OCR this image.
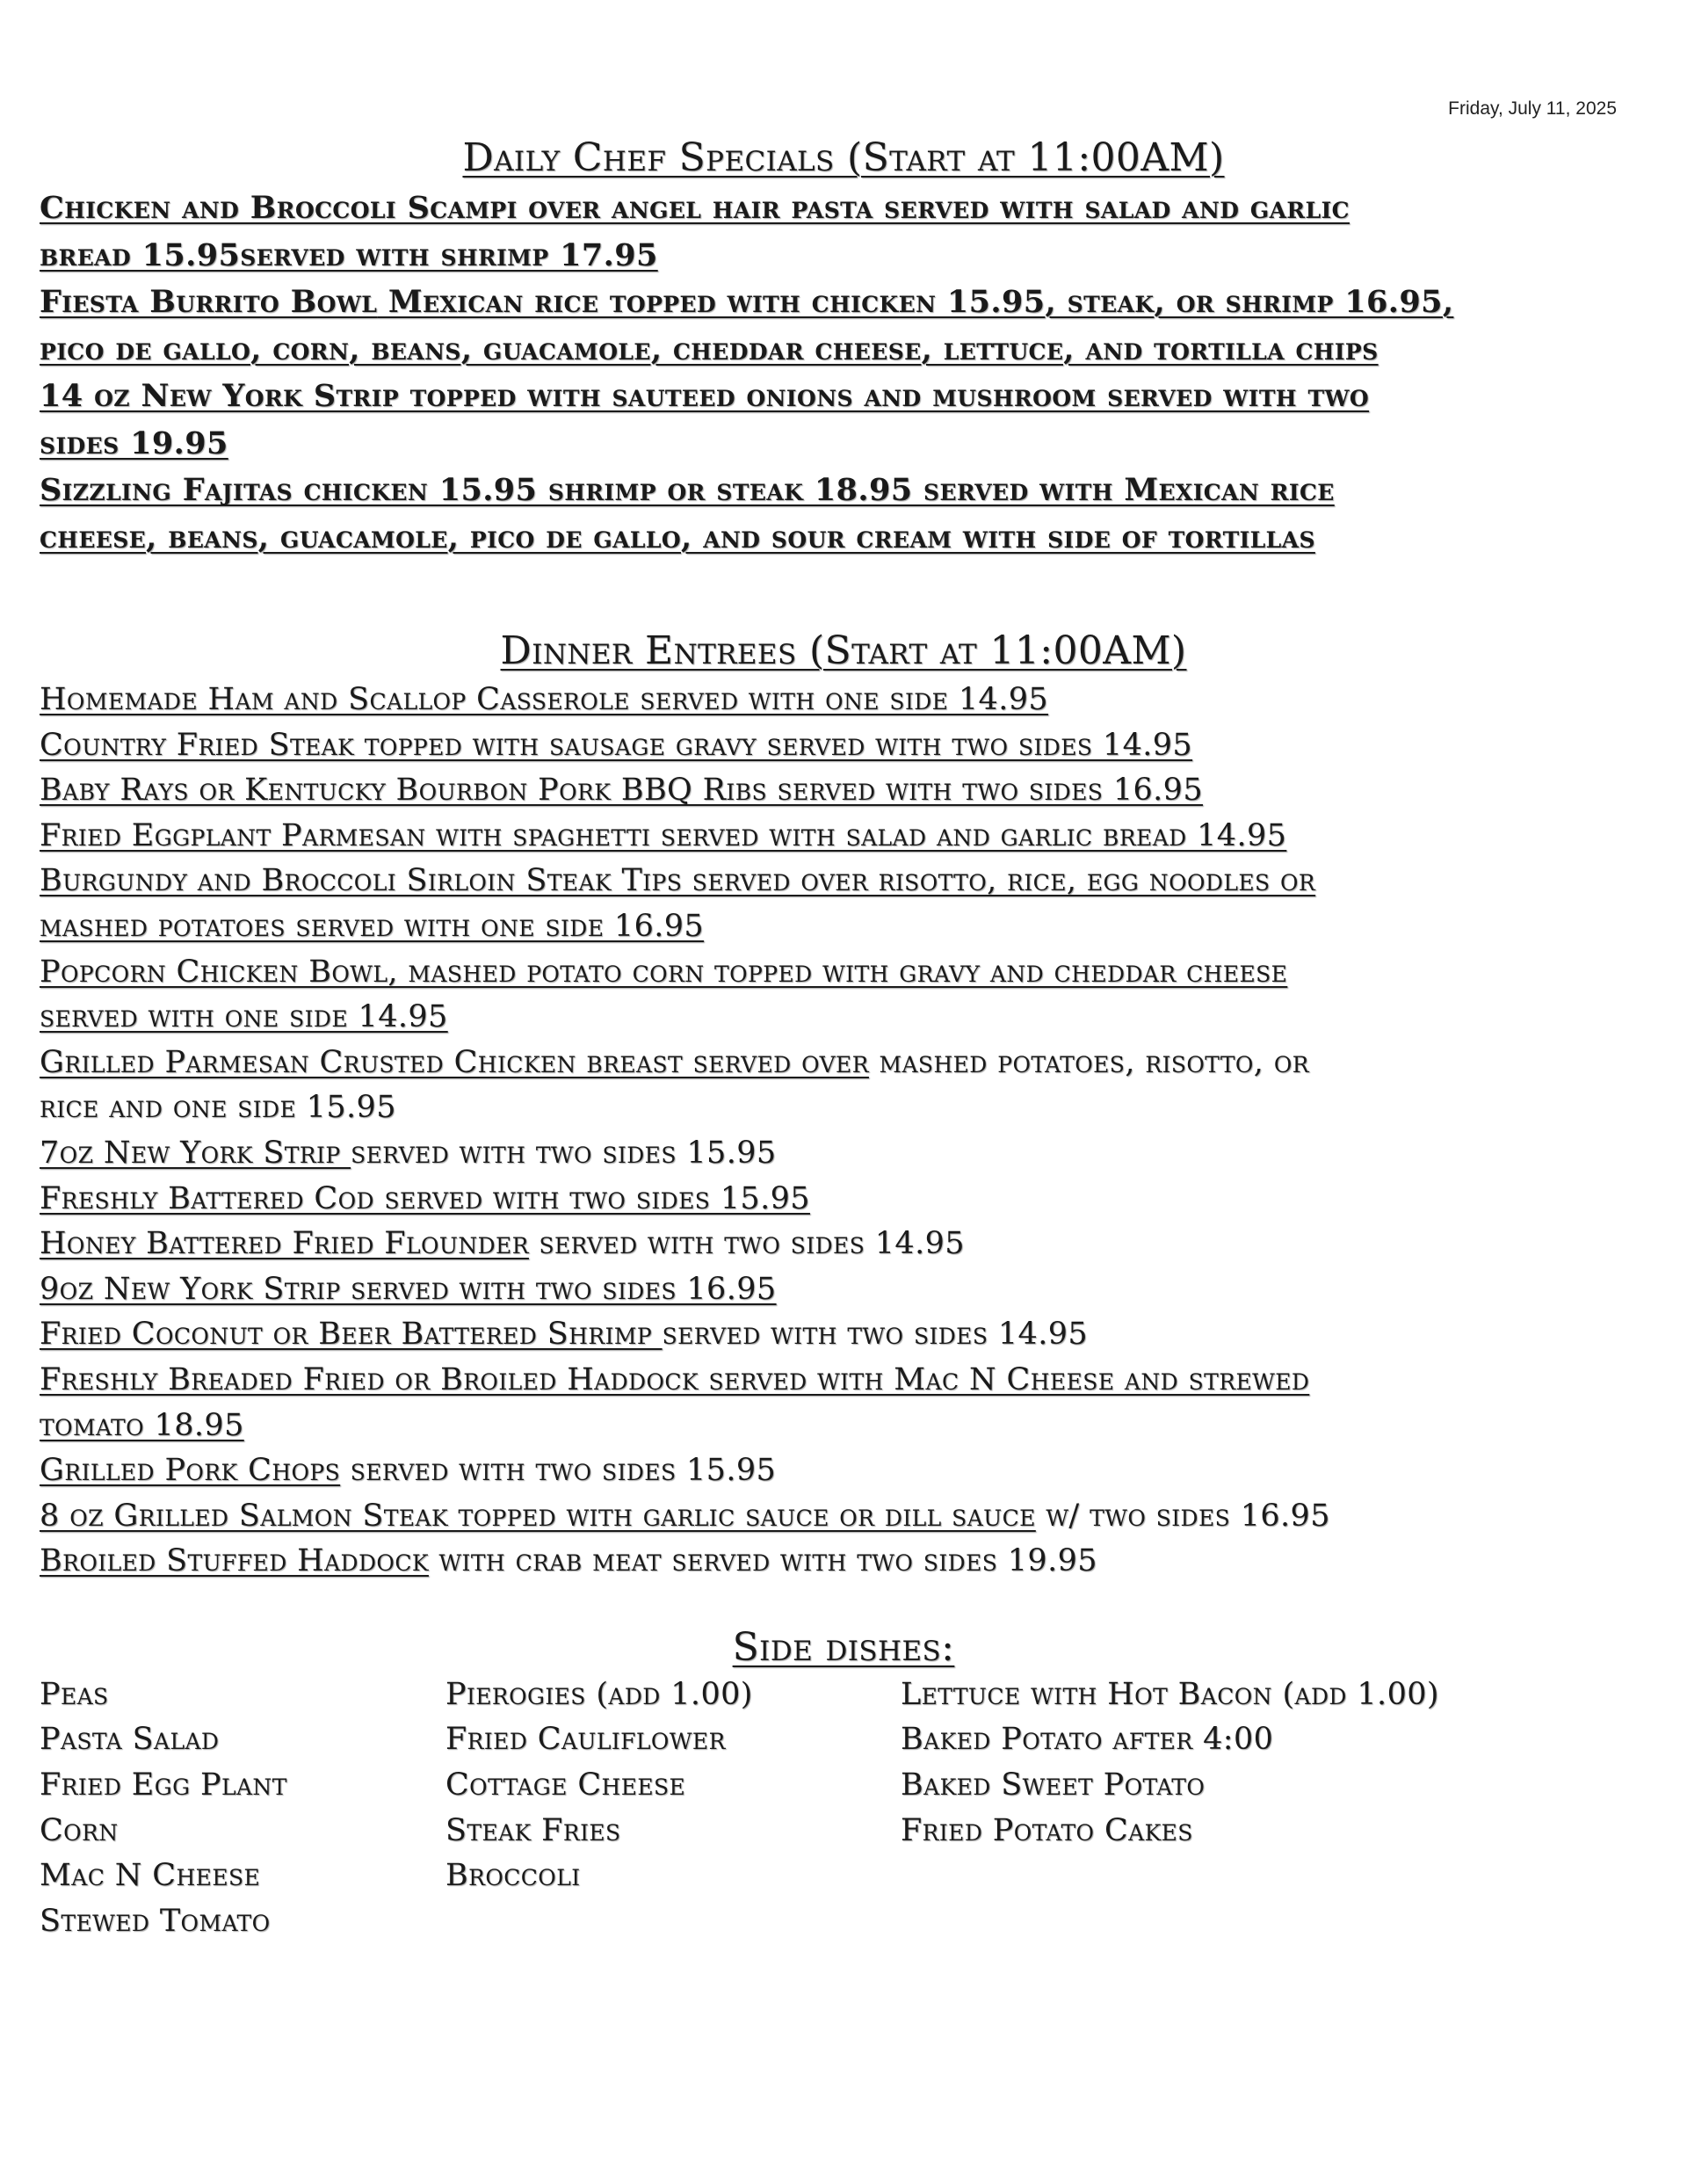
Friday, July 11, 2025
Daily Chef Specials (Start at 11:00AM)
Chicken and Broccoli Scampi over angel hair pasta served with salad and garlic
bread 15.95served with shrimp 17.95
Fiesta Burrito Bowl Mexican rice topped with chicken 15.95, steak, or shrimp 16.95,
pico de gallo, corn, beans, guacamole, cheddar cheese, lettuce, and tortilla chips
14 oz New York Strip topped with sauteed onions and mushroom served with two
sides 19.95
Sizzling Fajitas chicken 15.95 shrimp or steak 18.95 served with Mexican rice
cheese, beans, guacamole, pico de gallo, and sour cream with side of tortillas
Dinner Entrees (Start at 11:00AM)
Homemade Ham and Scallop Casserole served with one side 14.95
Country Fried Steak topped with sausage gravy served with two sides 14.95
Baby Rays or Kentucky Bourbon Pork BBQ Ribs served with two sides 16.95
Fried Eggplant Parmesan with spaghetti served with salad and garlic bread 14.95
Burgundy and Broccoli Sirloin Steak Tips served over risotto, rice, egg noodles or
mashed potatoes served with one side 16.95
Popcorn Chicken Bowl, mashed potato corn topped with gravy and cheddar cheese
served with one side 14.95
Grilled Parmesan Crusted Chicken breast served over mashed potatoes, risotto, or
rice and one side 15.95
7oz New York Strip served with two sides 15.95
Freshly Battered Cod served with two sides 15.95
Honey Battered Fried Flounder served with two sides 14.95
9oz New York Strip served with two sides 16.95
Fried Coconut or Beer Battered Shrimp served with two sides 14.95
Freshly Breaded Fried or Broiled Haddock served with Mac N Cheese and strewed
tomato 18.95
Grilled Pork Chops served with two sides 15.95
8 oz Grilled Salmon Steak topped with garlic sauce or dill sauce w/ two sides 16.95
Broiled Stuffed Haddock with crab meat served with two sides 19.95
Side dishes:
Peas
Pasta Salad
Fried Egg Plant
Corn
Mac N Cheese
Stewed Tomato
Pierogies (add 1.00)
Fried Cauliflower
Cottage Cheese
Steak Fries
Broccoli
Lettuce with Hot Bacon (add 1.00)
Baked Potato after 4:00
Baked Sweet Potato
Fried Potato Cakes
